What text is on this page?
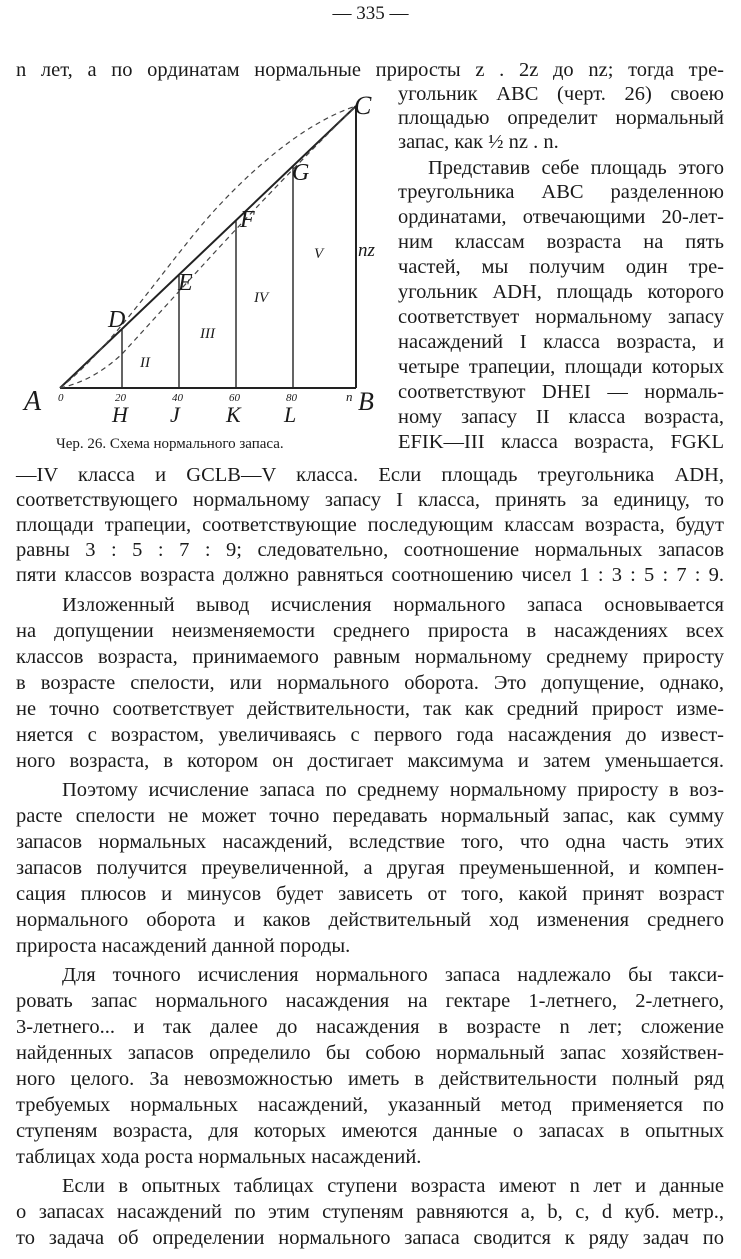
— 335 —
n лет, а по ординатам нормальные приросты z . 2z до nz; тогда тре-
угольник ABC (черт. 26) своею
площадью определит нормальный
запас, как ½ nz . n.
Представив себе площадь этого
треугольника ABC разделенною
ординатами, отвечающими 20-лет-
ним классам возраста на пять
частей, мы получим один тре-
угольник ADH, площадь которого
соответствует нормальному запасу
насаждений I класса возраста, и
четыре трапеции, площади которых
соответствуют DHEI — нормаль-
ному запасу II класса возраста,
EFIK—III класса возраста, FGKL
A	B
C
D
E
F
G
H J K L
0	20	40	60	80	n
nz
II
III
IV
V
Чер. 26. Схема нормального запаса.
—IV класса и GCLB—V класса. Если площадь треугольника ADH,
соответствующего нормальному запасу I класса, принять за единицу, то
площади трапеции, соответствующие последующим классам возраста, будут
равны 3 : 5 : 7 : 9; следовательно, соотношение нормальных запасов
пяти классов возраста должно равняться соотношению чисел 1 : 3 : 5 : 7 : 9.
Изложенный вывод исчисления нормального запаса основывается
на допущении неизменяемости среднего прироста в насаждениях всех
классов возраста, принимаемого равным нормальному среднему приросту
в возрасте спелости, или нормального оборота. Это допущение, однако,
не точно соответствует действительности, так как средний прирост изме-
няется с возрастом, увеличиваясь с первого года насаждения до извест-
ного возраста, в котором он достигает максимума и затем уменьшается.
Поэтому исчисление запаса по среднему нормальному приросту в воз-
расте спелости не может точно передавать нормальный запас, как сумму
запасов нормальных насаждений, вследствие того, что одна часть этих
запасов получится преувеличенной, а другая преуменьшенной, и компен-
сация плюсов и минусов будет зависеть от того, какой принят возраст
нормального оборота и каков действительный ход изменения среднего
прироста насаждений данной породы.
Для точного исчисления нормального запаса надлежало бы такси-
ровать запас нормального насаждения на гектаре 1-летнего, 2-летнего,
3-летнего... и так далее до насаждения в возрасте n лет; сложение
найденных запасов определило бы собою нормальный запас хозяйствен-
ного целого. За невозможностью иметь в действительности полный ряд
требуемых нормальных насаждений, указанный метод применяется по
ступеням возраста, для которых имеются данные о запасах в опытных
таблицах хода роста нормальных насаждений.
Если в опытных таблицах ступени возраста имеют n лет и данные
о запасах насаждений по этим ступеням равняются a, b, c, d куб. метр.,
то задача об определении нормального запаса сводится к ряду задач по
